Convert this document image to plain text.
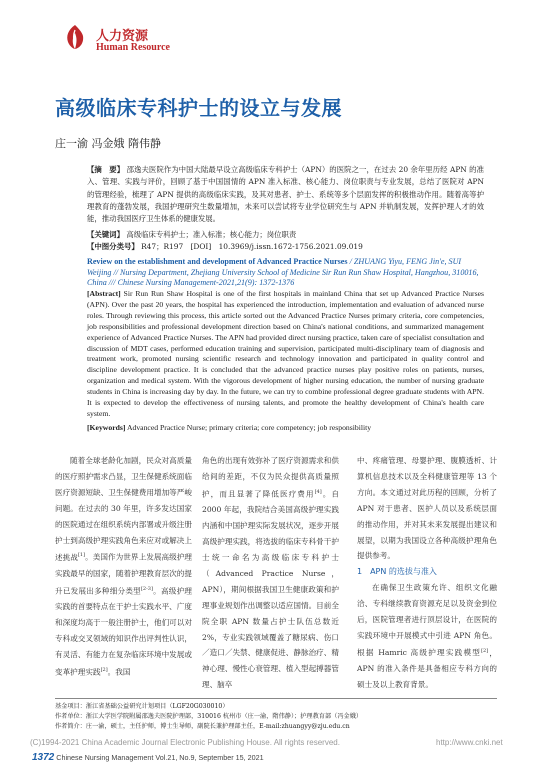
人力资源
Human Resource
高级临床专科护士的设立与发展
庄一渝 冯金娥 隋伟静
【摘　要】 邵逸夫医院作为中国大陆最早设立高级临床专科护士（APN）的医院之一，在过去 20 余年里历经 APN 的准入、管理、实践与评价，回顾了基于中国国情的 APN 准入标准、核心能力、岗位职责与专业发展，总结了医院对 APN 的管理经验，梳理了 APN 提供的高级临床实践，及其对患者、护士、系统等多个层面发挥的积极推动作用。随着高等护理教育的蓬勃发展，我国护理研究生数量增加，未来可以尝试将专业学位研究生与 APN 并轨制发展，发挥护理人才的效能，推动我国医疗卫生体系的健康发展。
【关键词】 高级临床专科护士；准入标准；核心能力；岗位职责
【中图分类号】 R47；R197　[DOI]　10.3969/j.issn.1672-1756.2021.09.019
Review on the establishment and development of Advanced Practice Nurses / ZHUANG Yiyu, FENG Jin'e, SUI Weijing // Nursing Department, Zhejiang University School of Medicine Sir Run Run Shaw Hospital, Hangzhou, 310016, China /// Chinese Nursing Management-2021,21(9): 1372-1376
[Abstract] Sir Run Run Shaw Hospital is one of the first hospitals in mainland China that set up Advanced Practice Nurses (APN). Over the past 20 years, the hospital has experienced the introduction, implementation and evaluation of advanced nurse roles. Through reviewing this process, this article sorted out the Advanced Practice Nurses primary criteria, core competencies, job responsibilities and professional development direction based on China's national conditions, and summarized management experience of Advanced Practice Nurses. The APN had provided direct nursing practice, taken care of specialist consultation and discussion of MDT cases, performed education training and supervision, participated multi-disciplinary team of diagnosis and treatment work, promoted nursing scientific research and technology innovation and participated in quality control and discipline development practice. It is concluded that the advanced practice nurses play positive roles on patients, nurses, organization and medical system. With the vigorous development of higher nursing education, the number of nursing graduate students in China is increasing day by day. In the future, we can try to combine professional degree graduate students with APN. It is expected to develop the effectiveness of nursing talents, and promote the healthy development of China's health care system.
[Keywords] Advanced Practice Nurse; primary criteria; core competency; job responsibility
随着全球老龄化加剧，民众对高质量的医疗照护需求凸显，卫生保健系统面临医疗资源短缺、卫生保健费用增加等严峻问题。在过去的 30 年里，许多发达国家的医院通过在组织系统内部署或升级注册护士到高级护理实践角色来应对或解决上述挑战[1]。美国作为世界上发展高级护理实践最早的国家，随着护理教育层次的提升已发展出多种细分类型[2-3]。高级护理实践的首要特点在于护士实践水平、广度和深度均高于一般注册护士，他们可以对专科或交叉领域的知识作出评判性认识，有灵活、有能力在复杂临床环境中发展或变革护理实践[2]。我国
角色的出现有效弥补了医疗资源需求和供给间的差距，不仅为民众提供高质量照护，而且显著了降低医疗费用[4]。自 2000 年起，我院结合美国高级护理实践内涵和中国护理实际发展状况，逐步开展高级护理实践，将选拔的临床专科骨干护士统一命名为高级临床专科护士（Advanced Practice Nurse，APN），期间根据我国卫生健康政策和护理事业规划作出调整以适应国情。目前全院全职 APN 数量占护士队伍总数近 2%，专业实践领域覆盖了糖尿病、伤口／造口／失禁、健康促进、静脉治疗、精神心理、慢性心衰管理、植入型起搏器管理、脑卒
中、疼痛管理、母婴护理、腹膜透析、计算机信息技术以及全科健康管理等 13 个方向。本文通过对此历程的回顾，分析了 APN 对于患者、医护人员以及系统层面的推动作用，并对其未来发展提出建议和展望，以期为我国设立各种高级护理角色提供参考。
1　APN 的选拔与准入
在确保卫生政策允许、组织文化融洽、专科继续教育资源充足以及资金到位后，医院管理者进行顶层设计，在医院的实践环境中开展模式中引进 APN 角色。根据 Hamric 高级护理实践模型[2]，APN 的准入条件是具备相应专科方向的硕士及以上教育背景。
基金项目：浙江省基础公益研究计划项目（LGF20G030010）
作者单位：浙江大学医学院附属邵逸夫医院护理部，310016 杭州市（庄一渝，隋伟静）；护理教育部（冯金娥）
作者简介：庄一渝，硕士，主任护师，博士生导师，副院长兼护理部主任，E-mail:zhuangyy@zju.edu.cn
1372 Chinese Nursing Management Vol.21, No.9, September 15, 2021
(C)1994-2021 China Academic Journal Electronic Publishing House. All rights reserved.	http://www.cnki.net
